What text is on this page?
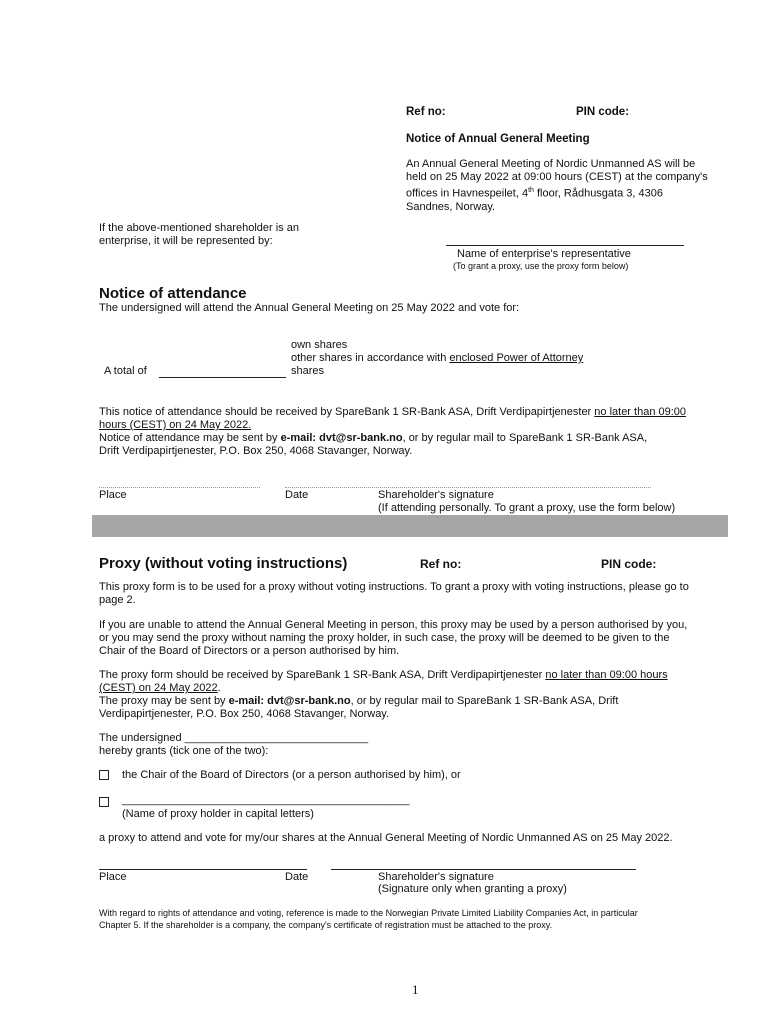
Ref no:	PIN code:
Notice of Annual General Meeting
An Annual General Meeting of Nordic Unmanned AS will be
held on 25 May 2022 at 09:00 hours (CEST) at the company's
offices in Havnespeilet, 4th floor, Rådhusgata 3, 4306
Sandnes, Norway.
If the above-mentioned shareholder is an
enterprise, it will be represented by:
Name of enterprise's representative
(To grant a proxy, use the proxy form below)
Notice of attendance
The undersigned will attend the Annual General Meeting on 25 May 2022 and vote for:
own shares
other shares in accordance with enclosed Power of Attorney
A total of	shares
This notice of attendance should be received by SpareBank 1 SR-Bank ASA, Drift Verdipapirtjenester no later than 09:00
hours (CEST) on 24 May 2022.
Notice of attendance may be sent by e-mail: dvt@sr-bank.no, or by regular mail to SpareBank 1 SR-Bank ASA,
Drift Verdipapirtjenester, P.O. Box 250, 4068 Stavanger, Norway.
Place	Date	Shareholder's signature
(If attending personally. To grant a proxy, use the form below)
Proxy (without voting instructions)	Ref no:	PIN code:
This proxy form is to be used for a proxy without voting instructions. To grant a proxy with voting instructions, please go to
page 2.
If you are unable to attend the Annual General Meeting in person, this proxy may be used by a person authorised by you,
or you may send the proxy without naming the proxy holder, in such case, the proxy will be deemed to be given to the
Chair of the Board of Directors or a person authorised by him.
The proxy form should be received by SpareBank 1 SR-Bank ASA, Drift Verdipapirtjenester no later than 09:00 hours
(CEST) on 24 May 2022.
The proxy may be sent by e-mail: dvt@sr-bank.no, or by regular mail to SpareBank 1 SR-Bank ASA, Drift
Verdipapirtjenester, P.O. Box 250, 4068 Stavanger, Norway.
The undersigned ______________________________
hereby grants (tick one of the two):
the Chair of the Board of Directors (or a person authorised by him), or
_______________________________________________
(Name of proxy holder in capital letters)
a proxy to attend and vote for my/our shares at the Annual General Meeting of Nordic Unmanned AS on 25 May 2022.
Place	Date	Shareholder's signature
(Signature only when granting a proxy)
With regard to rights of attendance and voting, reference is made to the Norwegian Private Limited Liability Companies Act, in particular
Chapter 5. If the shareholder is a company, the company's certificate of registration must be attached to the proxy.
1
